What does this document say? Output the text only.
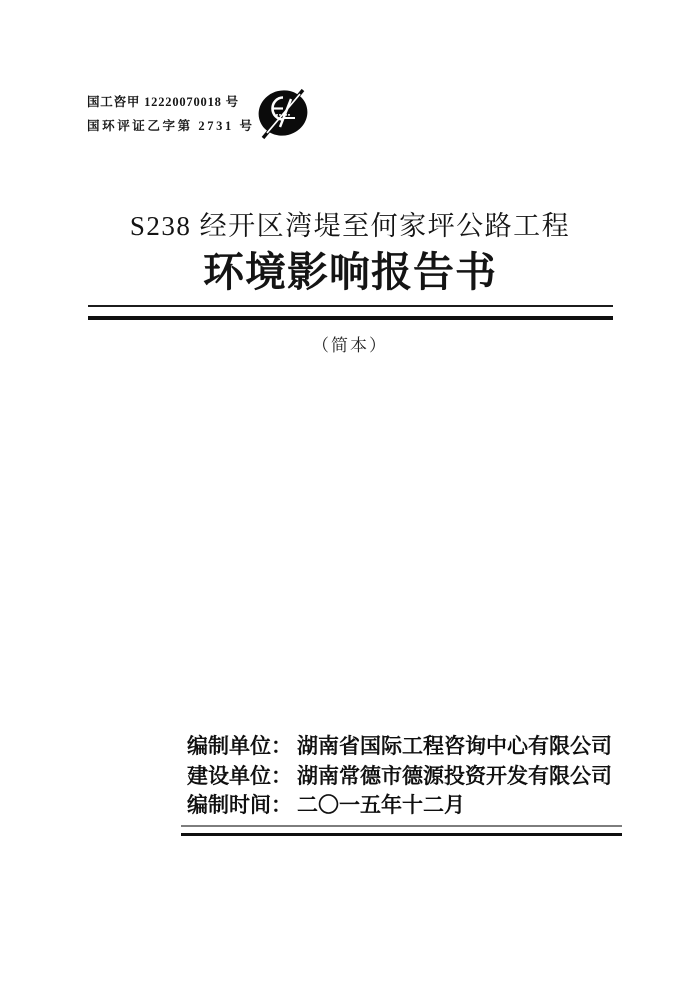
国工咨甲 12220070018 号
国环评证乙字第 2731 号
S238 经开区湾堤至何家坪公路工程
环境影响报告书
（简本）
编制单位： 湖南省国际工程咨询中心有限公司
建设单位： 湖南常德市德源投资开发有限公司
编制时间： 二〇一五年十二月
